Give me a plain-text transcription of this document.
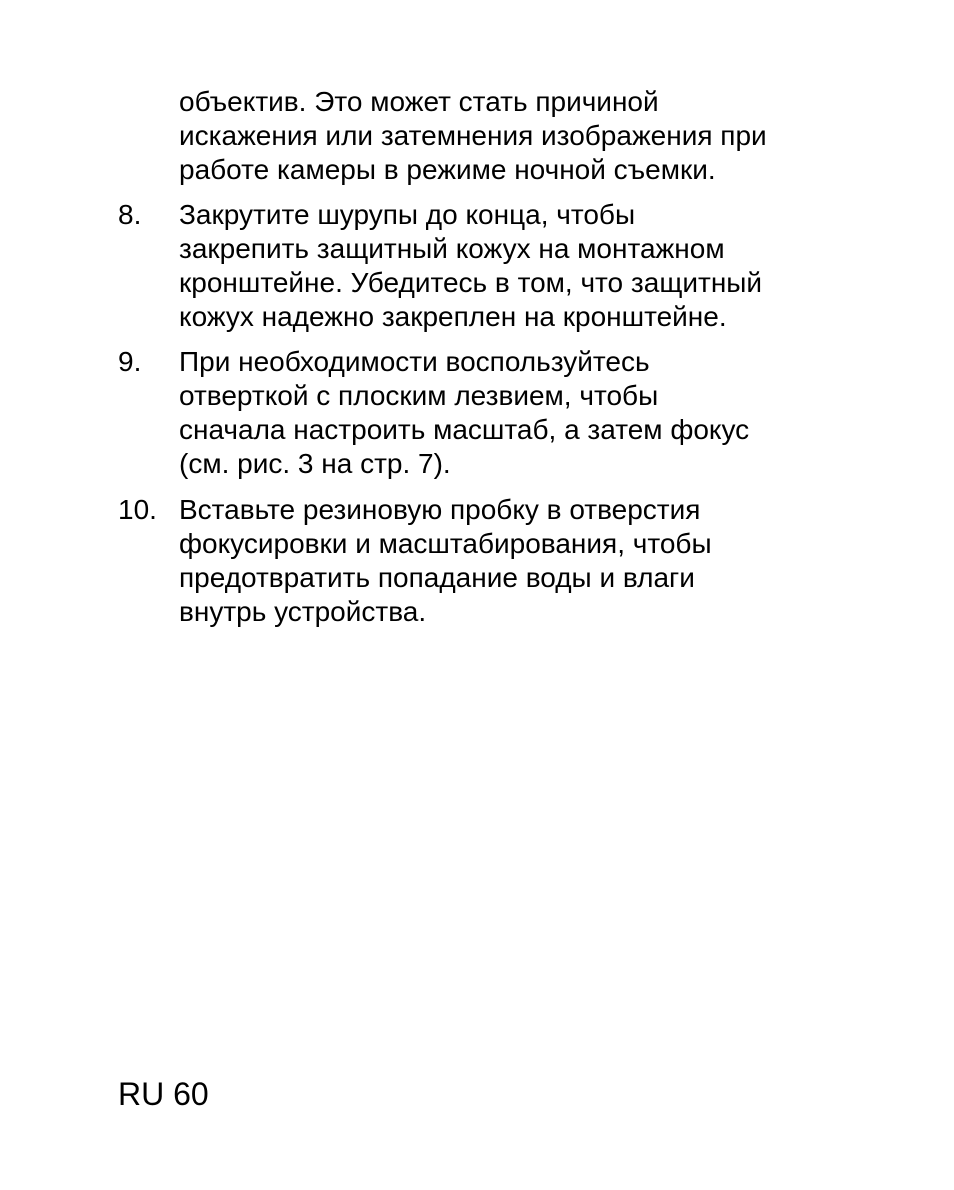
объектив. Это может стать причиной
искажения или затемнения изображения при
работе камеры в режиме ночной съемки.
8. Закрутите шурупы до конца, чтобы
закрепить защитный кожух на монтажном
кронштейне. Убедитесь в том, что защитный
кожух надежно закреплен на кронштейне.
9. При необходимости воспользуйтесь
отверткой с плоским лезвием, чтобы
сначала настроить масштаб, а затем фокус
(см. рис. 3 на стр. 7).
10. Вставьте резиновую пробку в отверстия
фокусировки и масштабирования, чтобы
предотвратить попадание воды и влаги
внутрь устройства.
RU 60
